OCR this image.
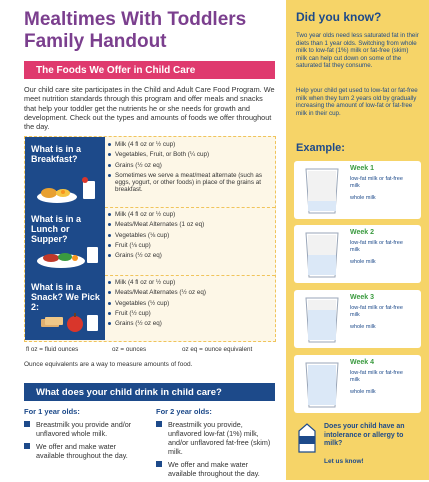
Mealtimes With Toddlers Family Handout
The Foods We Offer in Child Care

Our child care site participates in the Child and Adult Care Food Program. We meet nutrition standards through this program and offer meals and snacks that help your toddler get the nutrients he or she needs for growth and development. Check out the types and amounts of foods we offer throughout the day.

What is in a Breakfast?

Milk (4 fl oz or ½ cup)
Vegetables, Fruit, or Both (¼ cup)
Grains (½ oz eq)
Sometimes we serve a meat/meat alternate (such as eggs, yogurt, or other foods) in place of the grains at breakfast.

What is in a Lunch or Supper?

Milk (4 fl oz or ½ cup)
Meats/Meat Alternates (1 oz eq)
Vegetables (⅛ cup)
Fruit (⅛ cup)
Grains (½ oz eq)

What is in a Snack? We Pick 2:

Milk (4 fl oz or ½ cup)
Meats/Meat Alternates (½ oz eq)
Vegetables (½ cup)
Fruit (½ cup)
Grains (½ oz eq)
fl oz = fluid ounces	oz = ounces	oz eq = ounce equivalent

Ounce equivalents are a way to measure amounts of food.

What does your child drink in child care?

For 1 year olds:

Breastmilk you provide and/or unflavored whole milk.
We offer and make water available throughout the day.

For 2 year olds:

Breastmilk you provide, unflavored low-fat (1%) milk, and/or unflavored fat-free (skim) milk.
We offer and make water available throughout the day.
Did you know?

Two year olds need less saturated fat in their diets than 1 year olds. Switching from whole milk to low-fat (1%) milk or fat-free (skim) milk can help cut down on some of the saturated fat they consume.

Help your child get used to low-fat or fat-free milk when they turn 2 years old by gradually increasing the amount of low-fat or fat-free milk in their cup.

Example:

Week 1

low-fat milk or fat-free milk

whole milk

Week 2

low-fat milk or fat-free milk

whole milk

Week 3

low-fat milk or fat-free milk

whole milk

Week 4

low-fat milk or fat-free milk

whole milk

Does your child have an intolerance or allergy to milk?

Let us know!
